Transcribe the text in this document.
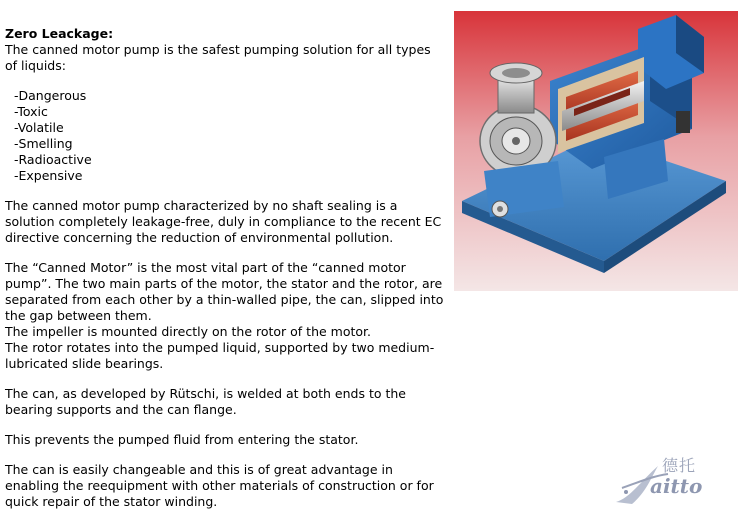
Zero Leackage:

The canned motor pump is the safest pumping solution for all types of liquids:

-Dangerous
-Toxic
-Volatile
-Smelling
-Radioactive
-Expensive

The canned motor pump characterized by no shaft sealing is a solution completely leakage-free, duly in compliance to the recent EC directive concerning the reduction of environmental pollution.

The “Canned Motor” is the most vital part of the “canned motor pump”. The two main parts of the motor, the stator and the rotor, are separated from each other by a thin-walled pipe, the can, slipped into the gap between them.

The impeller is mounted directly on the rotor of the motor.

The rotor rotates into the pumped liquid, supported by two medium-lubricated slide bearings.

The can, as developed by Rütschi, is welded at both ends to the bearing supports and the can flange.

This prevents the pumped fluid from entering the stator.

The can is easily changeable and this is of great advantage in enabling the reequipment with other materials of construction or for quick repair of the stator winding.

德托
aitto
